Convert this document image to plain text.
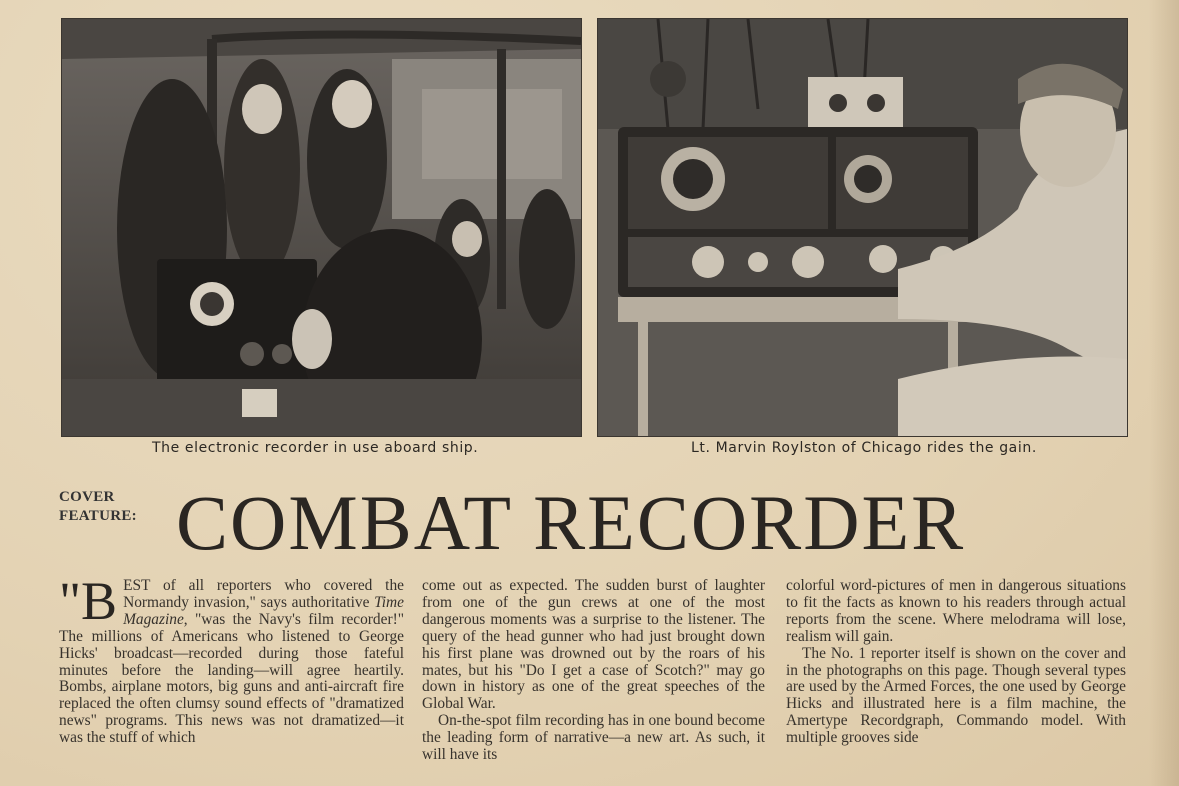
The electronic recorder in use aboard ship.	Lt. Marvin Roylston of Chicago rides the gain.
COVER
FEATURE: COMBAT RECORDER

"B EST of all reporters who covered the Normandy invasion," says authoritative Time Magazine, "was the Navy's film recorder!" The millions of Americans who listened to George Hicks' broadcast—recorded during those fateful minutes before the landing—will agree heartily. Bombs, airplane motors, big guns and anti-aircraft fire replaced the often clumsy sound effects of "dramatized news" programs. This news was not dramatized—it was the stuff of which

come out as expected. The sudden burst of laughter from one of the gun crews at one of the most dangerous moments was a surprise to the listener. The query of the head gunner who had just brought down his first plane was drowned out by the roars of his mates, but his "Do I get a case of Scotch?" may go down in history as one of the great speeches of the Global War.

On-the-spot film recording has in one bound become the leading form of narrative—a new art. As such, it will have its

colorful word-pictures of men in dangerous situations to fit the facts as known to his readers through actual reports from the scene. Where melodrama will lose, realism will gain.

The No. 1 reporter itself is shown on the cover and in the photographs on this page. Though several types are used by the Armed Forces, the one used by George Hicks and illustrated here is a film machine, the Amertype Recordgraph, Commando model. With multiple grooves side
